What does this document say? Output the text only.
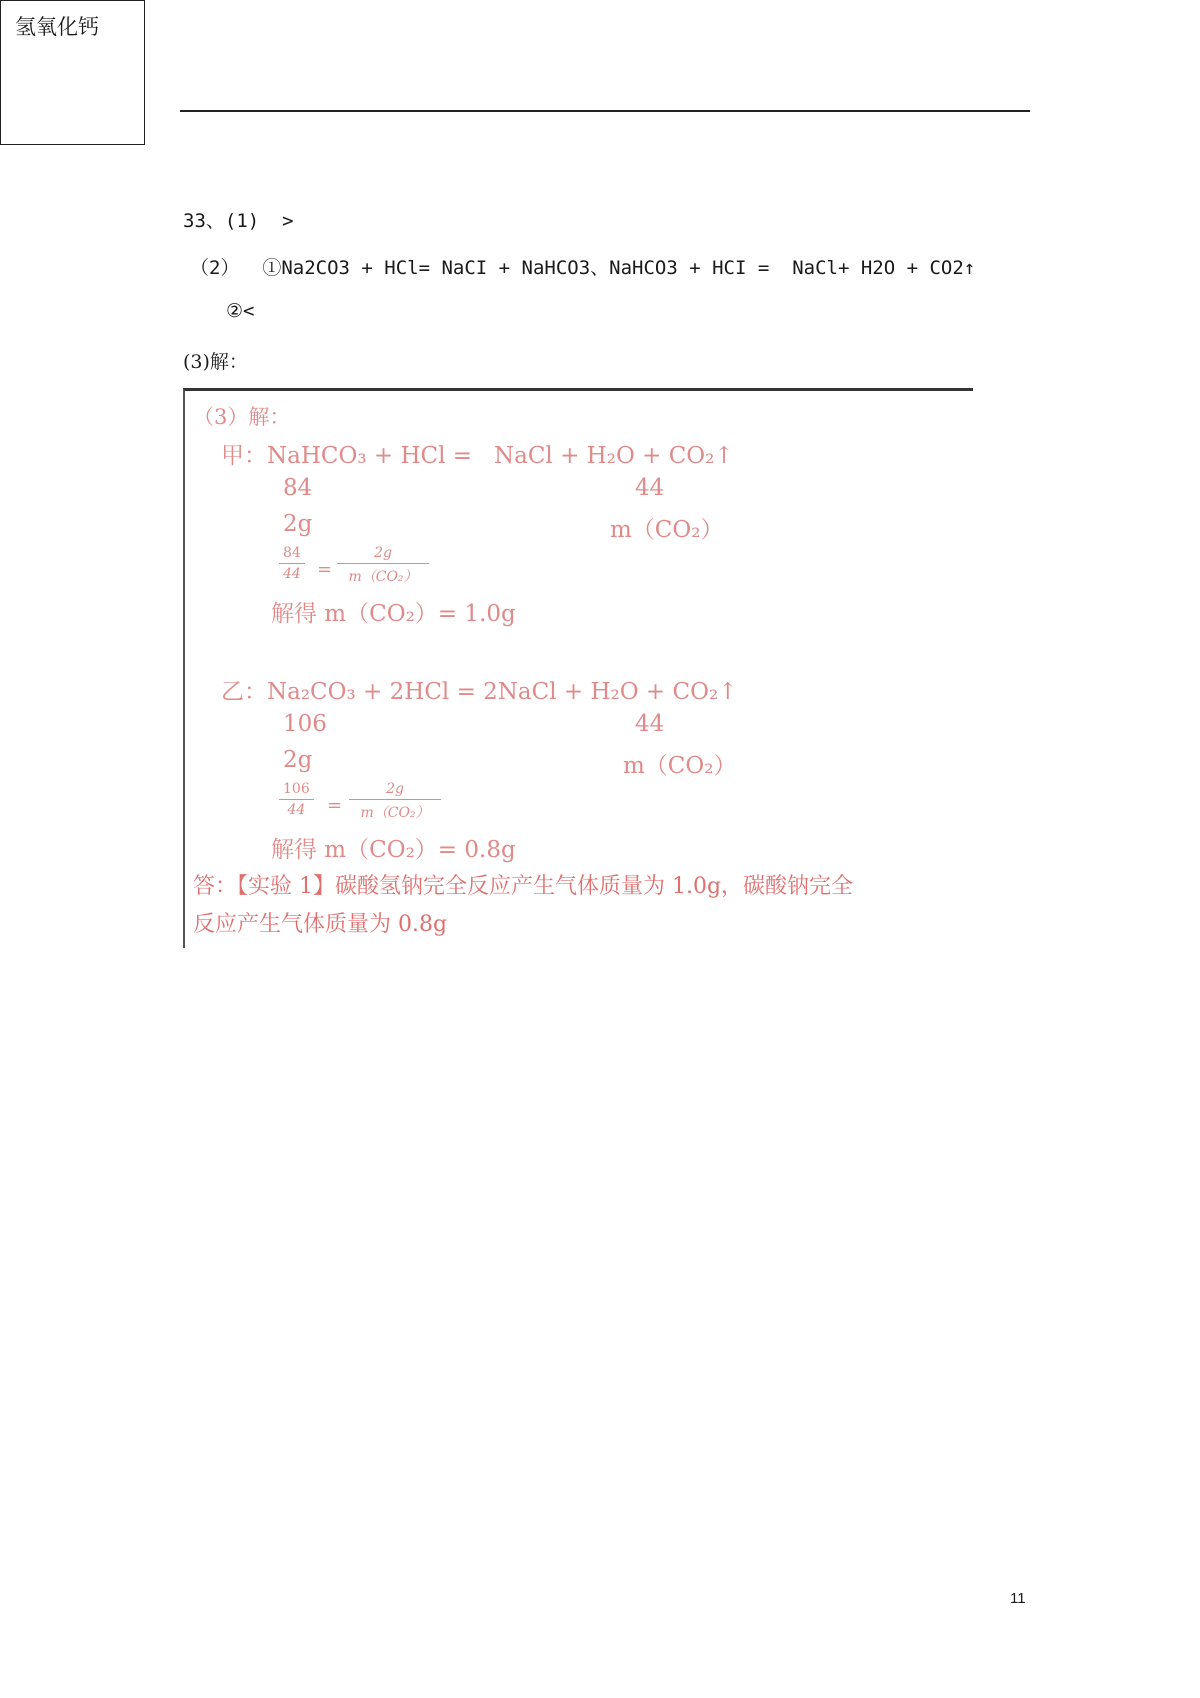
氢氧化钙
33、(1)  >
（2）  ①Na2CO3 + HCl= NaCI + NaHCO3、NaHCO3 + HCI =  NaCl+ H2O + CO2↑
②<
(3)解：
（3）解：
甲：NaHCO₃ + HCl =   NaCl + H₂O + CO₂↑
84	44
2g	m（CO₂）
84
44 =
2g
m（CO₂）
解得 m（CO₂）= 1.0g
乙：Na₂CO₃ + 2HCl = 2NaCl + H₂O + CO₂↑
106	44
2g	m（CO₂）
106
44	=
2g
m（CO₂）
解得 m（CO₂）= 0.8g
答：【实验 1】碳酸氢钠完全反应产生气体质量为 1.0g，碳酸钠完全
反应产生气体质量为 0.8g
11
